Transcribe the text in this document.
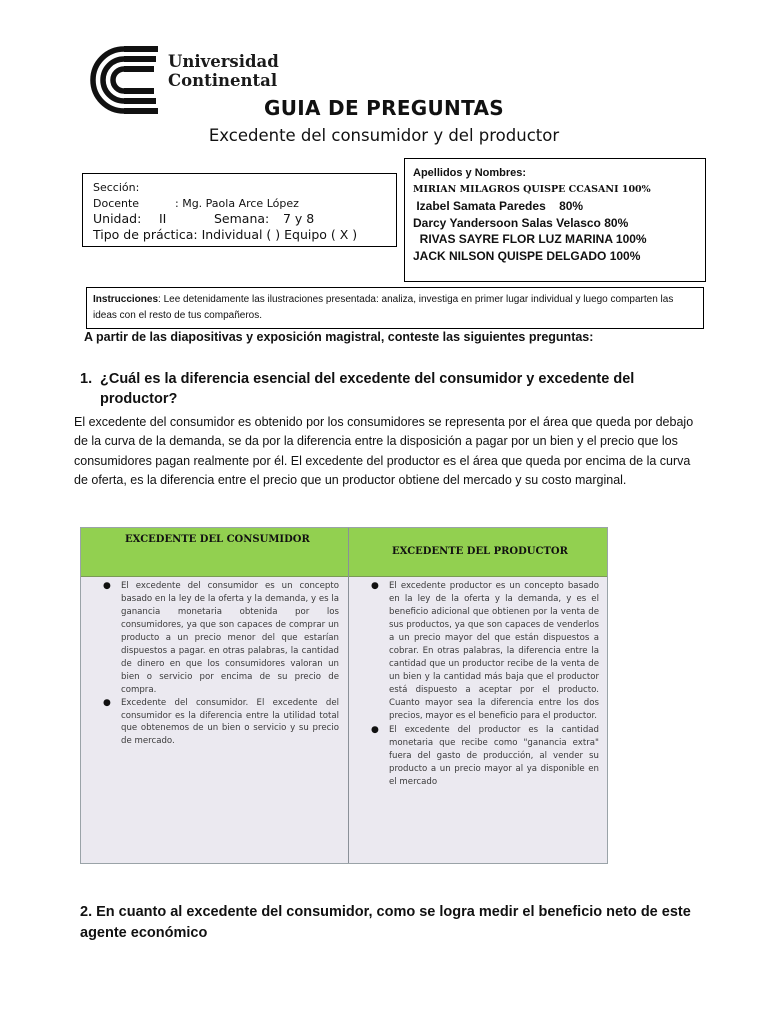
Universidad
Continental
GUIA DE PREGUNTAS
Excedente del consumidor y del productor
Sección:
Docente	: Mg. Paola Arce López
Unidad: II	Semana: 7 y 8
Tipo de práctica: Individual ( ) Equipo ( X )
Apellidos y Nombres:
MIRIAN MILAGROS QUISPE CCASANI 100%
Izabel Samata Paredes    80%
Darcy Yandersoon Salas Velasco 80%
RIVAS SAYRE FLOR LUZ MARINA 100%
JACK NILSON QUISPE DELGADO 100%
Instrucciones: Lee detenidamente las ilustraciones presentada: analiza, investiga en primer lugar individual y luego comparten las ideas con el resto de tus compañeros.
A partir de las diapositivas y exposición magistral, conteste las siguientes preguntas:
1. ¿Cuál es la diferencia esencial del excedente del consumidor y excedente del productor?
El excedente del consumidor es obtenido por los consumidores se representa por el área que queda por debajo de la curva de la demanda, se da por la diferencia entre la disposición a pagar por un bien y el precio que los consumidores pagan realmente por él. El excedente del productor es el área que queda por encima de la curva de oferta, es la diferencia entre el precio que un productor obtiene del mercado y su costo marginal.
EXCEDENTE DEL CONSUMIDOR
EXCEDENTE DEL PRODUCTOR
● El excedente del consumidor es un concepto basado en la ley de la oferta y la demanda, y es la ganancia monetaria obtenida por los consumidores, ya que son capaces de comprar un producto a un precio menor del que estarían dispuestos a pagar. en otras palabras, la cantidad de dinero en que los consumidores valoran un bien o servicio por encima de su precio de compra.
● Excedente del consumidor. El excedente del consumidor es la diferencia entre la utilidad total que obtenemos de un bien o servicio y su precio de mercado.
● El excedente productor es un concepto basado en la ley de la oferta y la demanda, y es el beneficio adicional que obtienen por la venta de sus productos, ya que son capaces de venderlos a un precio mayor del que están dispuestos a cobrar. En otras palabras, la diferencia entre la cantidad que un productor recibe de la venta de un bien y la cantidad más baja que el productor está dispuesto a aceptar por el producto. Cuanto mayor sea la diferencia entre los dos precios, mayor es el beneficio para el productor.
● El excedente del productor es la cantidad monetaria que recibe como "ganancia extra" fuera del gasto de producción, al vender su producto a un precio mayor al ya disponible en el mercado
2. En cuanto al excedente del consumidor, como se logra medir el beneficio neto de este agente económico
